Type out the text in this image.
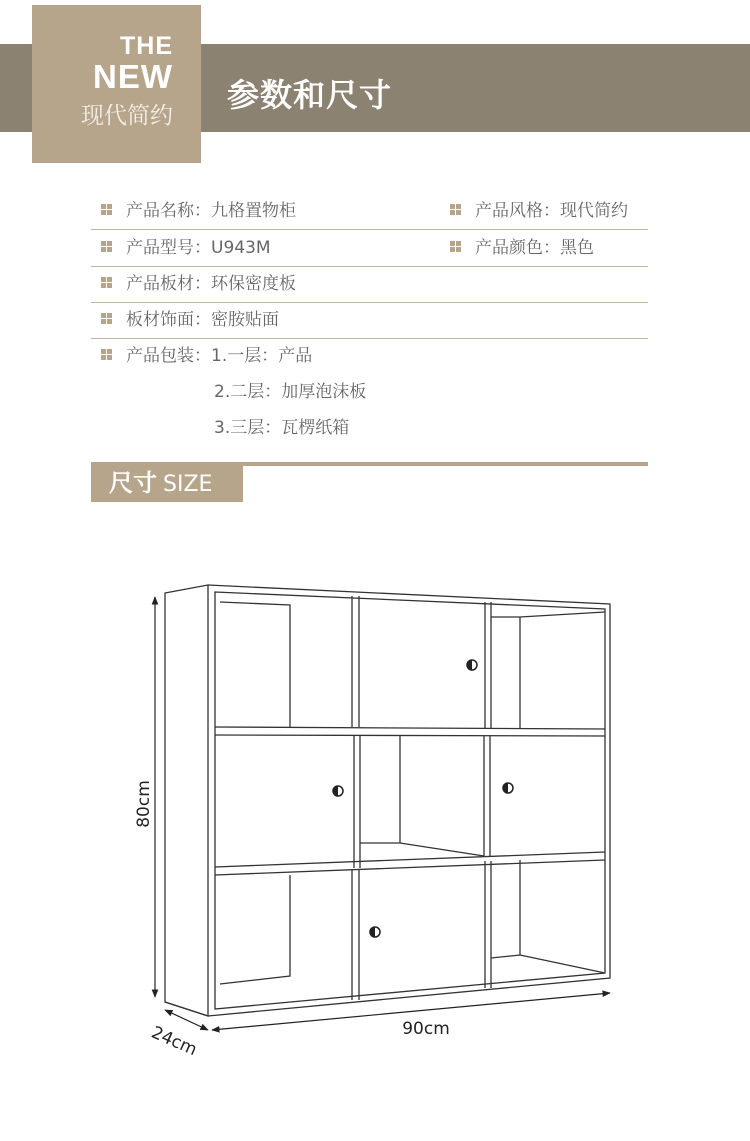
THE
NEW
现代简约
参数和尺寸
产品名称：九格置物柜	产品风格：现代简约
产品型号：U943M	产品颜色：黑色
产品板材：环保密度板
板材饰面：密胺贴面
产品包装：1.一层：产品
2.二层：加厚泡沫板
3.三层：瓦楞纸箱
尺寸 SIZE
80cm
90cm
24cm
